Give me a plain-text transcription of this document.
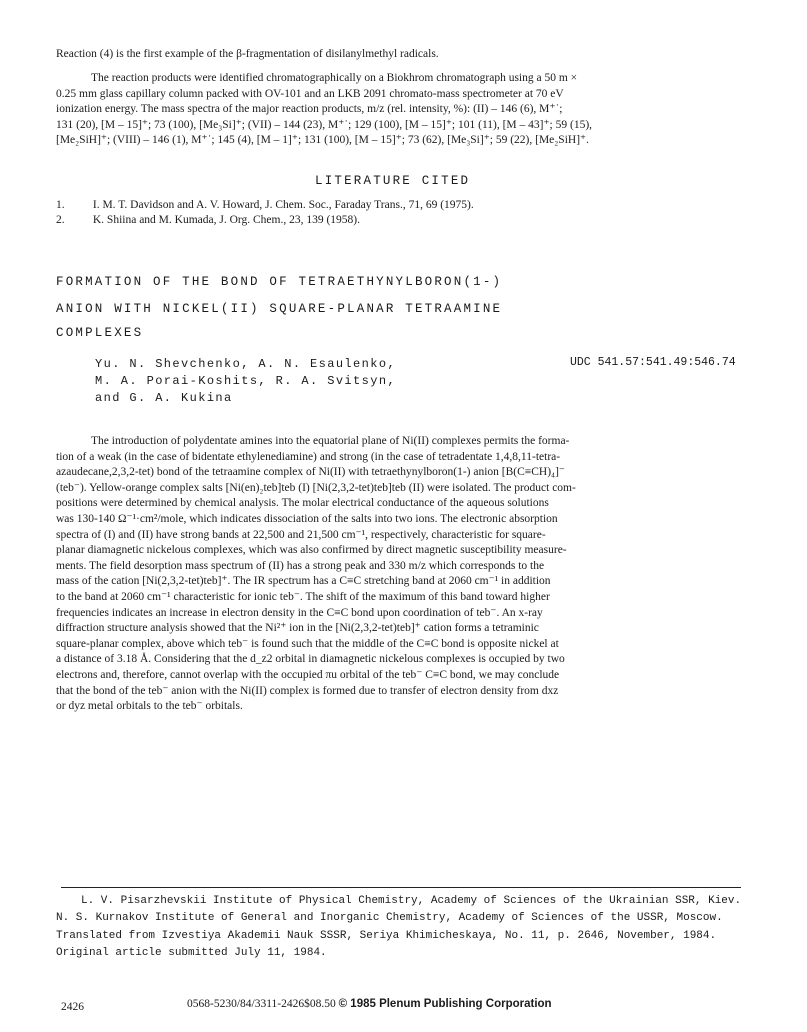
Reaction (4) is the first example of the β-fragmentation of disilanylmethyl radicals.
The reaction products were identified chromatographically on a Biokhrom chromatograph using a 50 m ×
0.25 mm glass capillary column packed with OV-101 and an LKB 2091 chromato-mass spectrometer at 70 eV
ionization energy. The mass spectra of the major reaction products, m/z (rel. intensity, %): (II) – 146 (6), M⁺˙;
131 (20), [M – 15]⁺; 73 (100), [Me₃Si]⁺; (VII) – 144 (23), M⁺˙; 129 (100), [M – 15]⁺; 101 (11), [M – 43]⁺; 59 (15),
[Me₂SiH]⁺; (VIII) – 146 (1), M⁺˙; 145 (4), [M – 1]⁺; 131 (100), [M – 15]⁺; 73 (62), [Me₃Si]⁺; 59 (22), [Me₂SiH]⁺.
LITERATURE CITED
1. I. M. T. Davidson and A. V. Howard, J. Chem. Soc., Faraday Trans., 71, 69 (1975).
2. K. Shiina and M. Kumada, J. Org. Chem., 23, 139 (1958).
FORMATION OF THE BOND OF TETRAETHYNYLBORON(1-)
ANION WITH NICKEL(II) SQUARE-PLANAR TETRAAMINE
COMPLEXES
Yu. N. Shevchenko, A. N. Esaulenko,
M. A. Porai-Koshits, R. A. Svitsyn,
and G. A. Kukina
UDC 541.57:541.49:546.74
The introduction of polydentate amines into the equatorial plane of Ni(II) complexes permits the forma-
tion of a weak (in the case of bidentate ethylenediamine) and strong (in the case of tetradentate 1,4,8,11-tetra-
azaudecane,2,3,2-tet) bond of the tetraamine complex of Ni(II) with tetraethynylboron(1-) anion [B(C≡CH)₄]⁻
(teb⁻). Yellow-orange complex salts [Ni(en)₂teb]teb (I) [Ni(2,3,2-tet)teb]teb (II) were isolated. The product com-
positions were determined by chemical analysis. The molar electrical conductance of the aqueous solutions
was 130-140 Ω⁻¹·cm²/mole, which indicates dissociation of the salts into two ions. The electronic absorption
spectra of (I) and (II) have strong bands at 22,500 and 21,500 cm⁻¹, respectively, characteristic for square-
planar diamagnetic nickelous complexes, which was also confirmed by direct magnetic susceptibility measure-
ments. The field desorption mass spectrum of (II) has a strong peak and 330 m/z which corresponds to the
mass of the cation [Ni(2,3,2-tet)teb]⁺. The IR spectrum has a C≡C stretching band at 2060 cm⁻¹ in addition
to the band at 2060 cm⁻¹ characteristic for ionic teb⁻. The shift of the maximum of this band toward higher
frequencies indicates an increase in electron density in the C≡C bond upon coordination of teb⁻. An x-ray
diffraction structure analysis showed that the Ni²⁺ ion in the [Ni(2,3,2-tet)teb]⁺ cation forms a tetraminic
square-planar complex, above which teb⁻ is found such that the middle of the C≡C bond is opposite nickel at
a distance of 3.18 Å. Considering that the d_z2 orbital in diamagnetic nickelous complexes is occupied by two
electrons and, therefore, cannot overlap with the occupied πu orbital of the teb⁻ C≡C bond, we may conclude
that the bond of the teb⁻ anion with the Ni(II) complex is formed due to transfer of electron density from dxz
or dyz metal orbitals to the teb⁻ orbitals.
L. V. Pisarzhevskii Institute of Physical Chemistry, Academy of Sciences of the Ukrainian SSR, Kiev.
N. S. Kurnakov Institute of General and Inorganic Chemistry, Academy of Sciences of the USSR, Moscow.
Translated from Izvestiya Akademii Nauk SSSR, Seriya Khimicheskaya, No. 11, p. 2646, November, 1984.
Original article submitted July 11, 1984.
2426	0568-5230/84/3311-2426$08.50 © 1985 Plenum Publishing Corporation
